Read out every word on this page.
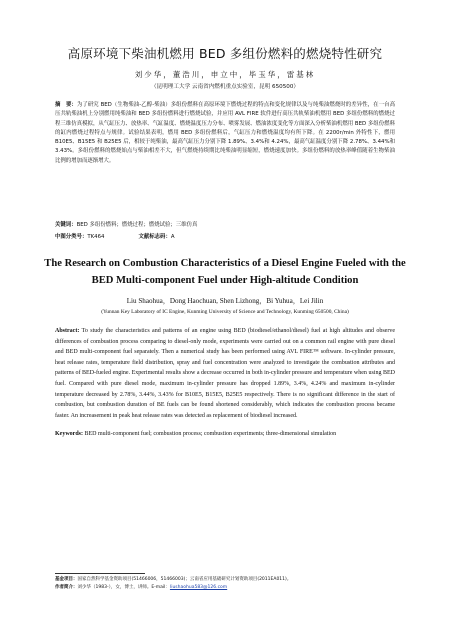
高原环境下柴油机燃用 BED 多组份燃料的燃烧特性研究
刘少华，董浩川，申立中，毕玉华，雷基林
（昆明理工大学 云南省内燃机重点实验室，昆明 650500）
摘　要：为了研究 BED（生物柴油-乙醇-柴油）多组份燃料在高原环境下燃烧过程的特点和变化规律以及与纯柴油燃烧时的差异性，在一台高压共轨柴油机上分别燃用纯柴油和 BED 多组份燃料进行燃烧试验，并应用 AVL FIRE 软件进行高压共轨柴油机燃用 BED 多组份燃料的燃烧过程三维仿真模拟，从气缸压力、放热率、气缸温度、燃烧温度压力分布、喷雾发展、燃油浓度变化等方面深入分析柴油机燃用 BED 多组份燃料的缸内燃烧过程特点与规律。试验结果表明，燃用 BED 多组份燃料后，气缸压力和燃烧温度均有所下降。在 2200r/min 外特性下，燃用 B10E5、B15E5 和 B25E5 后，相较于纯柴油，最高气缸压力分别下降 1.89%、3.4%和 4.24%，最高气缸温度分别下降 2.78%、3.44%和 3.43%。多组份燃料的燃烧始点与柴油相差不大，但气燃烧持续期比纯柴油明显缩短，燃烧速度加快。多组份燃料的放热率峰值随着生物柴油比例的增加而逐渐增大。
关键词：BED 多组份燃料；燃烧过程；燃烧试验；三维仿真
中图分类号：TK464	文献标志码：A
The Research on Combustion Characteristics of a Diesel Engine Fueled with the BED Multi-component Fuel under High-altitude Condition
Liu Shaohua，Dong Haochuan, Shen Lizhong，Bi Yuhua，Lei Jilin
(Yunnan Key Laboratory of IC Engine, Kunming University of Science and Technology, Kunming 650500, China)
Abstract: To study the characteristics and patterns of an engine using BED (biodiesel/ethanol/diesel) fuel at high altitudes and observe differences of combustion process comparing to diesel-only mode, experiments were carried out on a common rail engine with pure diesel and BED multi-component fuel separately. Then a numerical study has been performed using AVL FIRE™ software. In-cylinder pressure, heat release rates, temperature field distribution, spray and fuel concentration were analyzed to investigate the combustion attributes and patterns of BED-fueled engine. Experimental results show a decrease occurred in both in-cylinder pressure and temperature when using BED fuel. Compared with pure diesel mode, maximum in-cylinder pressure has dropped 1.89%, 3.4%, 4.24% and maximum in-cylinder temperature decreased by 2.78%, 3.44%, 3.43% for B10E5, B15E5, B25E5 respectively. There is no significant difference in the start of combustion, but combustion duration of BE fuels can be found shortened considerably, which indicates the combustion process became faster. An increasement in peak heat release rates was detected as replacement of biodiesel increased.
Keywords: BED multi-component fuel; combustion process; combustion experiments; three-dimensional simulation
基金项目：国家自然科学基金资助项目(51466006，51466003)；云南省应用基础研究计划资助项目(2011EA011)。
作者简介：刘少华（1983-），女，博士，讲师。E-mail：liushaohua583@126.com
